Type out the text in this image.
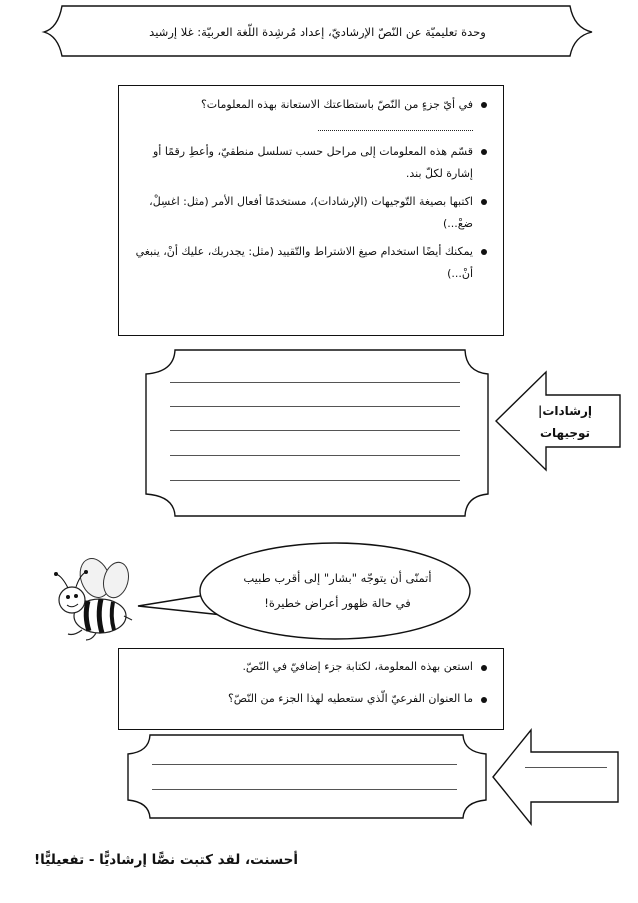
وحدة تعليميّة عن النّصّ الإرشاديّ، إعداد مُرشِدة اللّغة العربيّة: غلا إرشيد
في أيّ جزءٍ من النّصّ باستطاعتك الاستعانة بهذه المعلومات؟
قسّم هذه المعلومات إلى مراحل حسب تسلسل منطقيّ، وأعطِ رقمًا أو إشارة لكلّ بند.
اكتبها بصيغة التّوجيهات (الإرشادات)، مستخدمًا أفعال الأمر (مثل: اغسِلْ، ضعْ...)
يمكنك أيضًا استخدام صيغ الاشتراط والتّقييد (مثل: يجدربك، عليك أنْ، ينبغي أنْ...)
إرشادات| توجيهات
أتمنّى أن يتوجّه "بشار" إلى أقرب طبيب
في حالة ظهور أعراض خطيرة!
استعن بهذه المعلومة، لكتابة جزء إضافيّ في النّصّ.
ما العنوان الفرعيّ الّذي ستعطيه لهذا الجزء من النّصّ؟
أحسنت، لقد كتبت نصًّا إرشاديًّا - تفعيليًّا!
